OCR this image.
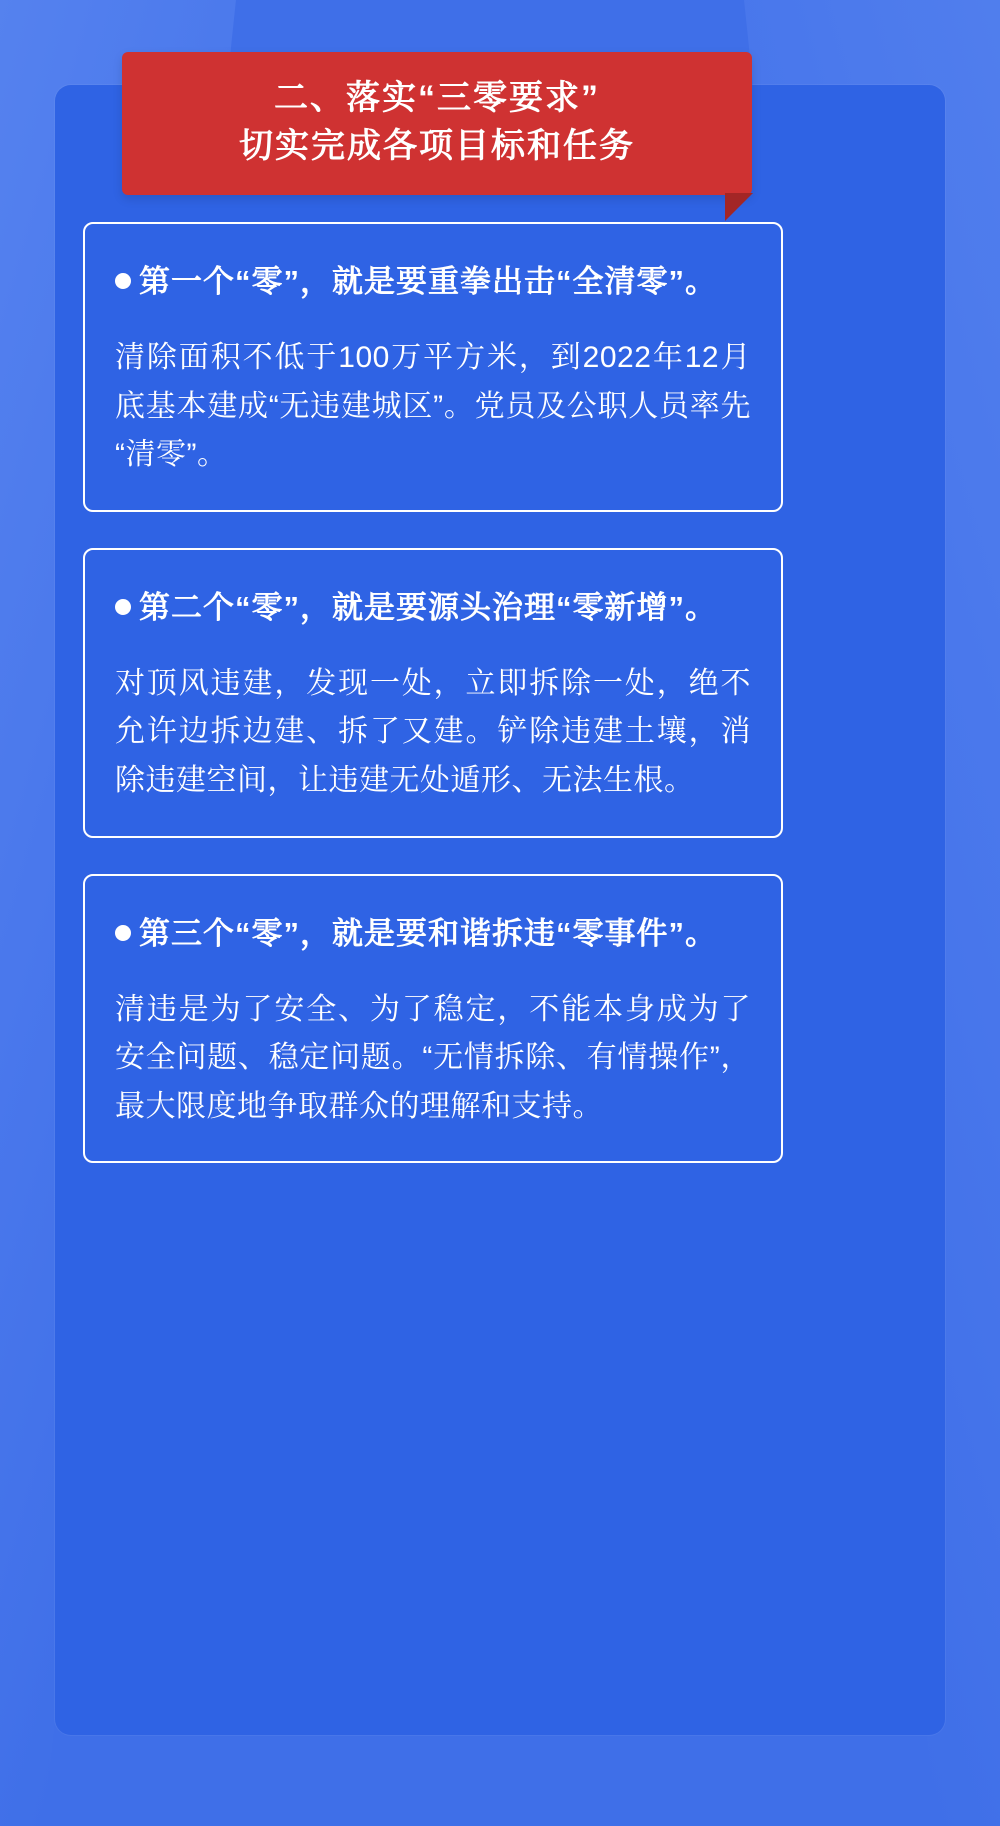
二、落实“三零要求”
切实完成各项目标和任务

第一个“零”，就是要重拳出击“全清零”。

清除面积不低于100万平方米，到2022年12月底基本建成“无违建城区”。党员及公职人员率先“清零”。

第二个“零”，就是要源头治理“零新增”。

对顶风违建，发现一处，立即拆除一处，绝不允许边拆边建、拆了又建。铲除违建土壤，消除违建空间，让违建无处遁形、无法生根。

第三个“零”，就是要和谐拆违“零事件”。

清违是为了安全、为了稳定，不能本身成为了安全问题、稳定问题。“无情拆除、有情操作”，最大限度地争取群众的理解和支持。
